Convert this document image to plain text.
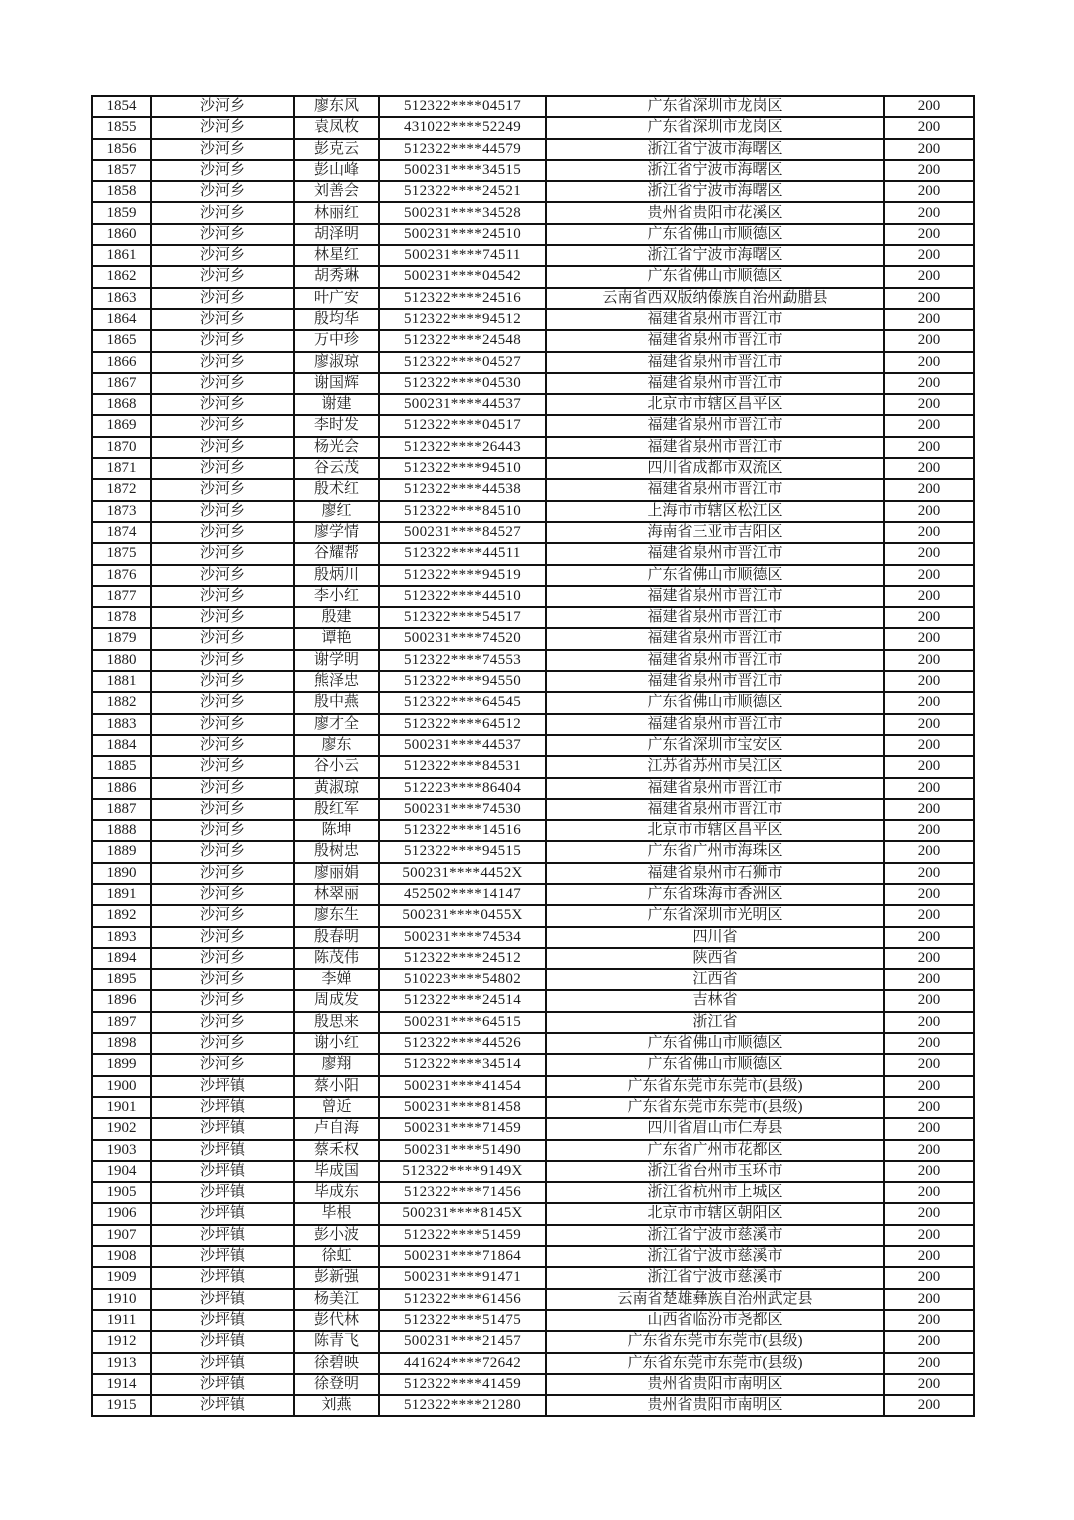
1854	沙河乡	廖东风	512322****04517	广东省深圳市龙岗区	200
1855	沙河乡	袁凤枚	431022****52249	广东省深圳市龙岗区	200
1856	沙河乡	彭克云	512322****44579	浙江省宁波市海曙区	200
1857	沙河乡	彭山峰	500231****34515	浙江省宁波市海曙区	200
1858	沙河乡	刘善会	512322****24521	浙江省宁波市海曙区	200
1859	沙河乡	林丽红	500231****34528	贵州省贵阳市花溪区	200
1860	沙河乡	胡泽明	500231****24510	广东省佛山市顺德区	200
1861	沙河乡	林星红	500231****74511	浙江省宁波市海曙区	200
1862	沙河乡	胡秀琳	500231****04542	广东省佛山市顺德区	200
1863	沙河乡	叶广安	512322****24516	云南省西双版纳傣族自治州勐腊县	200
1864	沙河乡	殷均华	512322****94512	福建省泉州市晋江市	200
1865	沙河乡	万中珍	512322****24548	福建省泉州市晋江市	200
1866	沙河乡	廖淑琼	512322****04527	福建省泉州市晋江市	200
1867	沙河乡	谢国辉	512322****04530	福建省泉州市晋江市	200
1868	沙河乡	谢建	500231****44537	北京市市辖区昌平区	200
1869	沙河乡	李时发	512322****04517	福建省泉州市晋江市	200
1870	沙河乡	杨光会	512322****26443	福建省泉州市晋江市	200
1871	沙河乡	谷云茂	512322****94510	四川省成都市双流区	200
1872	沙河乡	殷术红	512322****44538	福建省泉州市晋江市	200
1873	沙河乡	廖红	512322****84510	上海市市辖区松江区	200
1874	沙河乡	廖学情	500231****84527	海南省三亚市吉阳区	200
1875	沙河乡	谷耀帮	512322****44511	福建省泉州市晋江市	200
1876	沙河乡	殷炳川	512322****94519	广东省佛山市顺德区	200
1877	沙河乡	李小红	512322****44510	福建省泉州市晋江市	200
1878	沙河乡	殷建	512322****54517	福建省泉州市晋江市	200
1879	沙河乡	谭艳	500231****74520	福建省泉州市晋江市	200
1880	沙河乡	谢学明	512322****74553	福建省泉州市晋江市	200
1881	沙河乡	熊泽忠	512322****94550	福建省泉州市晋江市	200
1882	沙河乡	殷中燕	512322****64545	广东省佛山市顺德区	200
1883	沙河乡	廖才全	512322****64512	福建省泉州市晋江市	200
1884	沙河乡	廖东	500231****44537	广东省深圳市宝安区	200
1885	沙河乡	谷小云	512322****84531	江苏省苏州市吴江区	200
1886	沙河乡	黄淑琼	512223****86404	福建省泉州市晋江市	200
1887	沙河乡	殷红军	500231****74530	福建省泉州市晋江市	200
1888	沙河乡	陈坤	512322****14516	北京市市辖区昌平区	200
1889	沙河乡	殷树忠	512322****94515	广东省广州市海珠区	200
1890	沙河乡	廖丽娟	500231****4452X	福建省泉州市石狮市	200
1891	沙河乡	林翠丽	452502****14147	广东省珠海市香洲区	200
1892	沙河乡	廖东生	500231****0455X	广东省深圳市光明区	200
1893	沙河乡	殷春明	500231****74534	四川省	200
1894	沙河乡	陈茂伟	512322****24512	陕西省	200
1895	沙河乡	李婵	510223****54802	江西省	200
1896	沙河乡	周成发	512322****24514	吉林省	200
1897	沙河乡	殷思来	500231****64515	浙江省	200
1898	沙河乡	谢小红	512322****44526	广东省佛山市顺德区	200
1899	沙河乡	廖翔	512322****34514	广东省佛山市顺德区	200
1900	沙坪镇	蔡小阳	500231****41454	广东省东莞市东莞市(县级)	200
1901	沙坪镇	曾近	500231****81458	广东省东莞市东莞市(县级)	200
1902	沙坪镇	卢自海	500231****71459	四川省眉山市仁寿县	200
1903	沙坪镇	蔡禾权	500231****51490	广东省广州市花都区	200
1904	沙坪镇	毕成国	512322****9149X	浙江省台州市玉环市	200
1905	沙坪镇	毕成东	512322****71456	浙江省杭州市上城区	200
1906	沙坪镇	毕根	500231****8145X	北京市市辖区朝阳区	200
1907	沙坪镇	彭小波	512322****51459	浙江省宁波市慈溪市	200
1908	沙坪镇	徐虹	500231****71864	浙江省宁波市慈溪市	200
1909	沙坪镇	彭新强	500231****91471	浙江省宁波市慈溪市	200
1910	沙坪镇	杨美江	512322****61456	云南省楚雄彝族自治州武定县	200
1911	沙坪镇	彭代林	512322****51475	山西省临汾市尧都区	200
1912	沙坪镇	陈青飞	500231****21457	广东省东莞市东莞市(县级)	200
1913	沙坪镇	徐碧映	441624****72642	广东省东莞市东莞市(县级)	200
1914	沙坪镇	徐登明	512322****41459	贵州省贵阳市南明区	200
1915	沙坪镇	刘燕	512322****21280	贵州省贵阳市南明区	200
